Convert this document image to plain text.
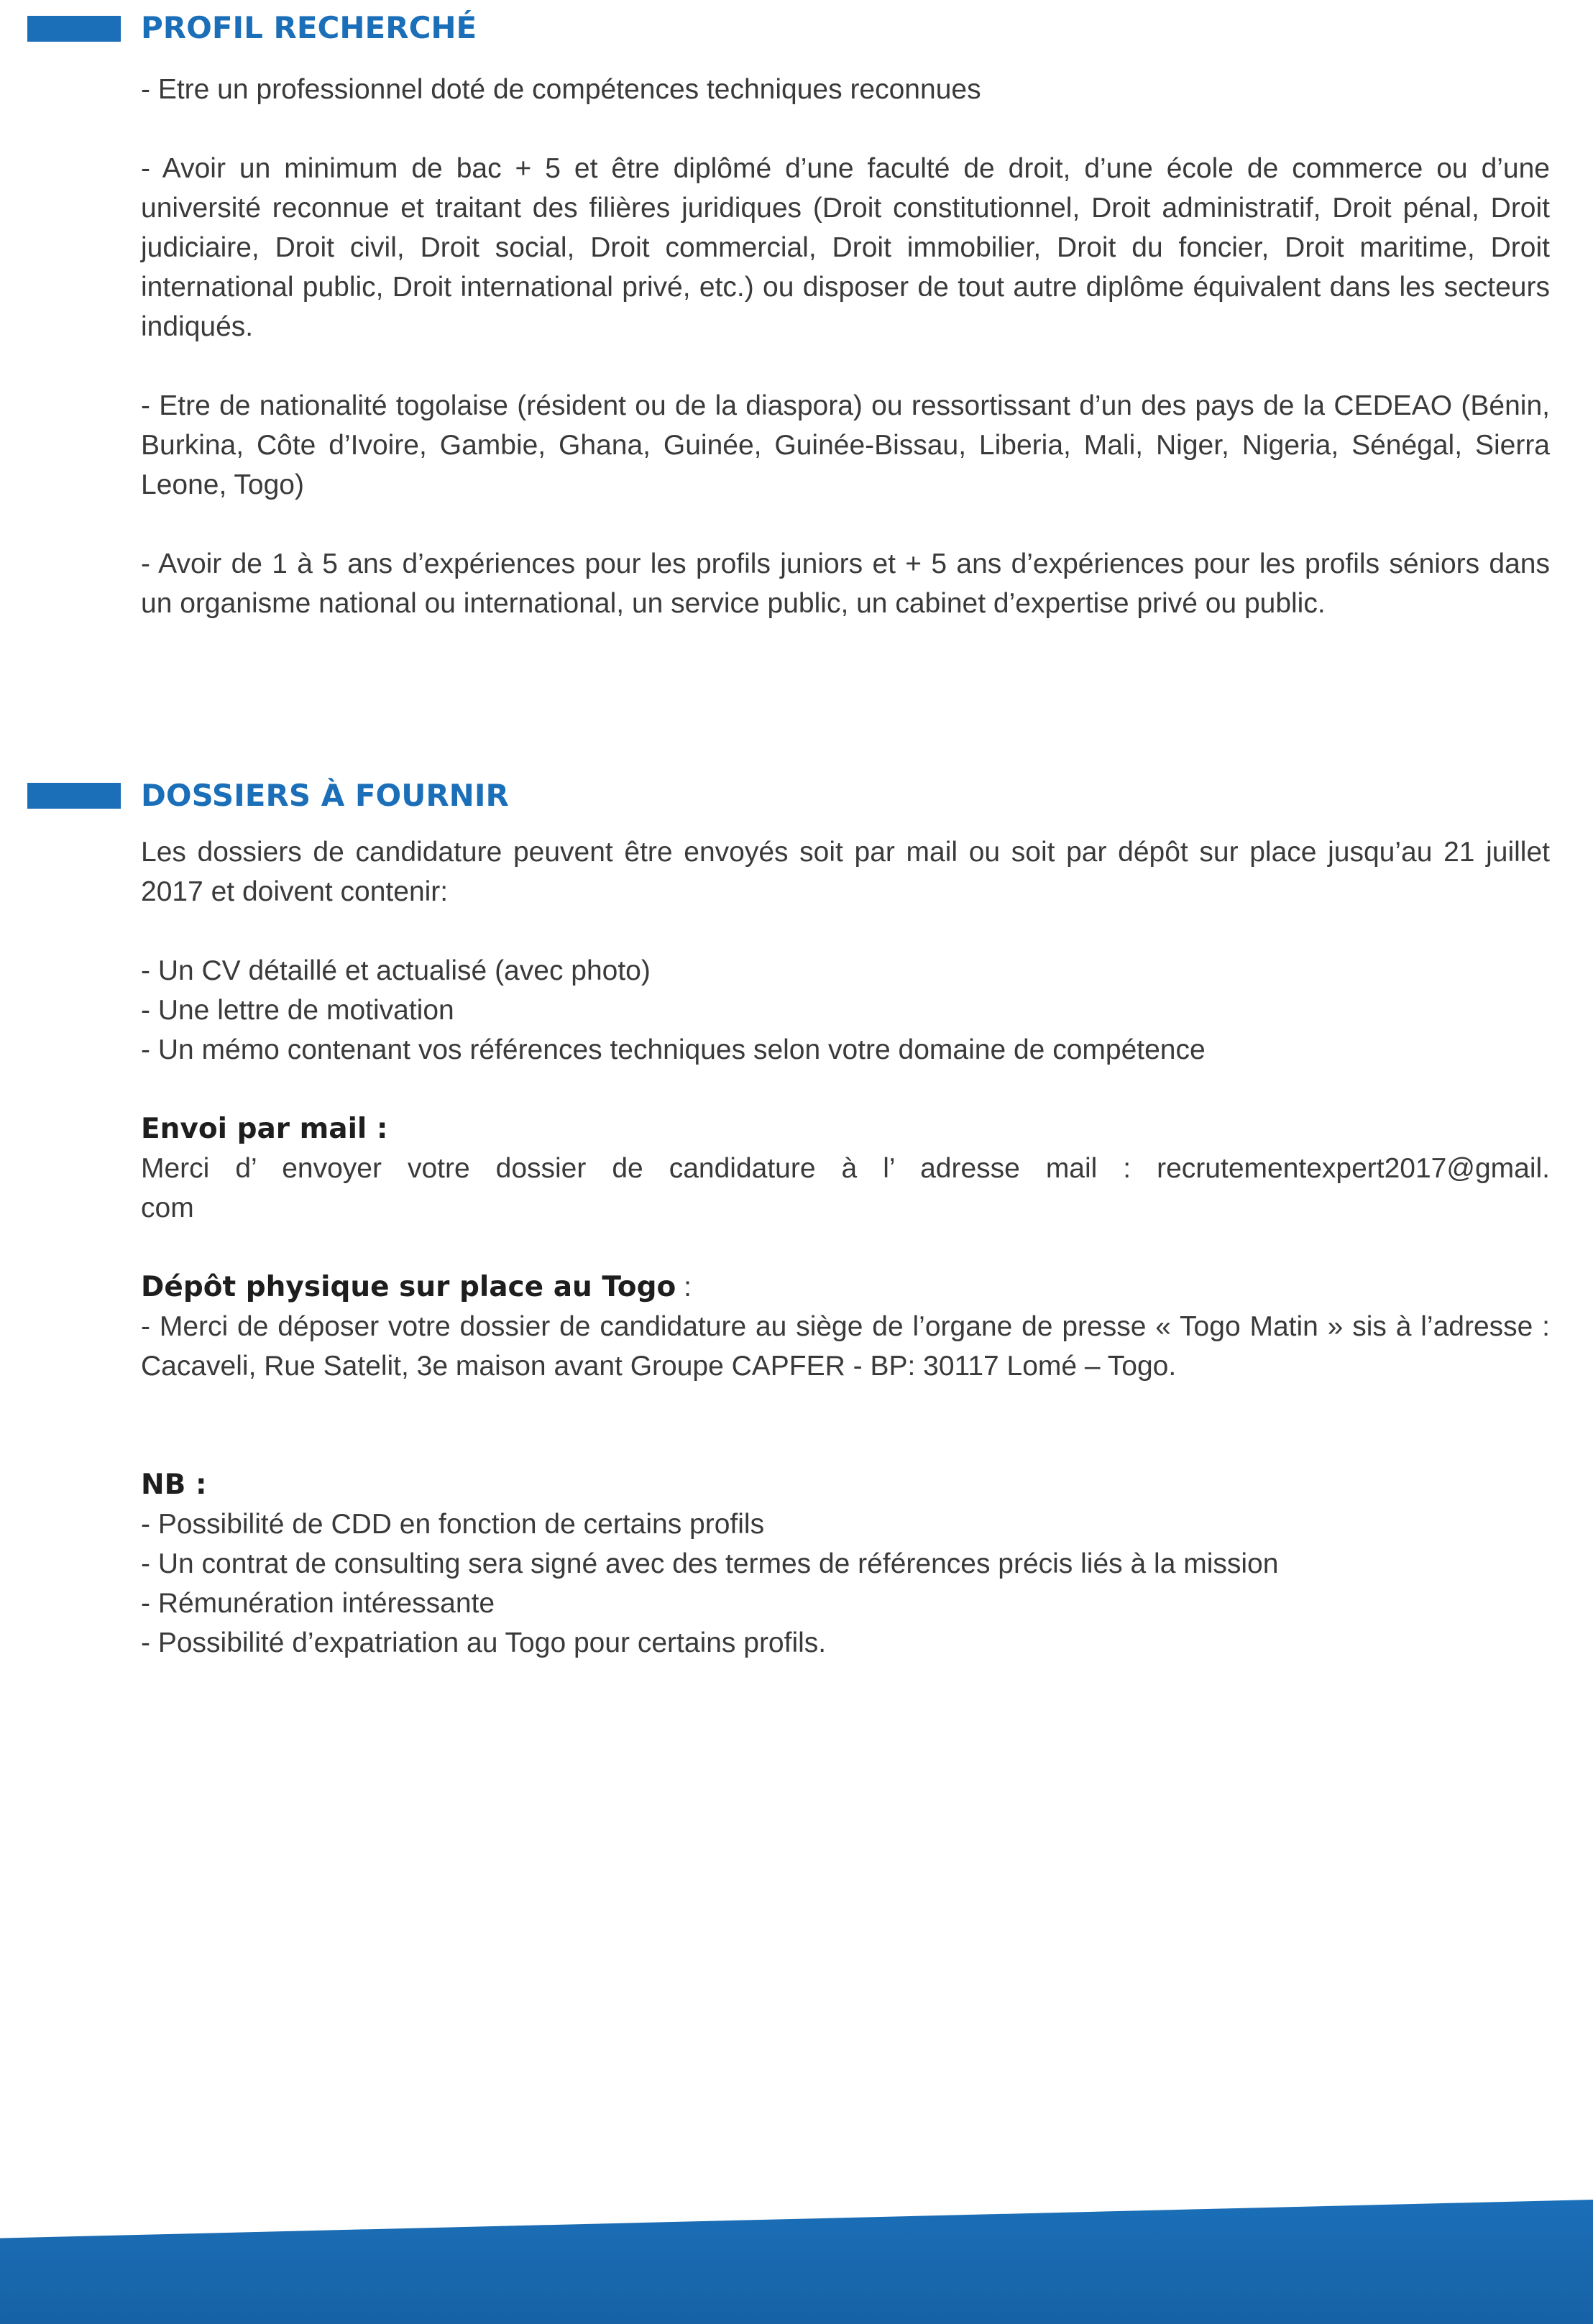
PROFIL RECHERCHÉ

- Etre un professionnel doté de compétences techniques reconnues

- Avoir un minimum de bac + 5 et être diplômé d’une faculté de droit, d’une école de commerce ou d’une université reconnue et traitant des filières juridiques (Droit constitutionnel, Droit administratif, Droit pénal, Droit judiciaire, Droit civil, Droit social, Droit commercial, Droit immobilier, Droit du foncier, Droit maritime, Droit international public, Droit international privé, etc.) ou disposer de tout autre diplôme équivalent dans les secteurs indiqués.

- Etre de nationalité togolaise (résident ou de la diaspora) ou ressortissant d’un des pays de la CEDEAO (Bénin, Burkina, Côte d’Ivoire, Gambie, Ghana, Guinée, Guinée-Bissau, Liberia, Mali, Niger, Nigeria, Sénégal, Sierra Leone, Togo)

- Avoir de 1 à 5 ans d’expériences pour les profils juniors et + 5 ans d’expériences pour les profils séniors dans un organisme national ou international, un service public, un cabinet d’expertise privé ou public.

DOSSIERS À FOURNIR

Les dossiers de candidature peuvent être envoyés soit par mail ou soit par dépôt sur place jusqu’au 21 juillet 2017 et doivent contenir:

- Un CV détaillé et actualisé (avec photo)

- Une lettre de motivation

- Un mémo contenant vos références techniques selon votre domaine de compétence

Envoi par mail :

Merci d’ envoyer votre dossier de candidature à l’ adresse mail : recrutementexpert2017@gmail.

com

Dépôt physique sur place au Togo :

- Merci de déposer votre dossier de candidature au siège de l’organe de presse « Togo Matin » sis à l’adresse : Cacaveli, Rue Satelit, 3e maison avant Groupe CAPFER - BP: 30117 Lomé – Togo.

NB :

- Possibilité de CDD en fonction de certains profils

- Un contrat de consulting sera signé avec des termes de références précis liés à la mission

- Rémunération intéressante

- Possibilité d’expatriation au Togo pour certains profils.
